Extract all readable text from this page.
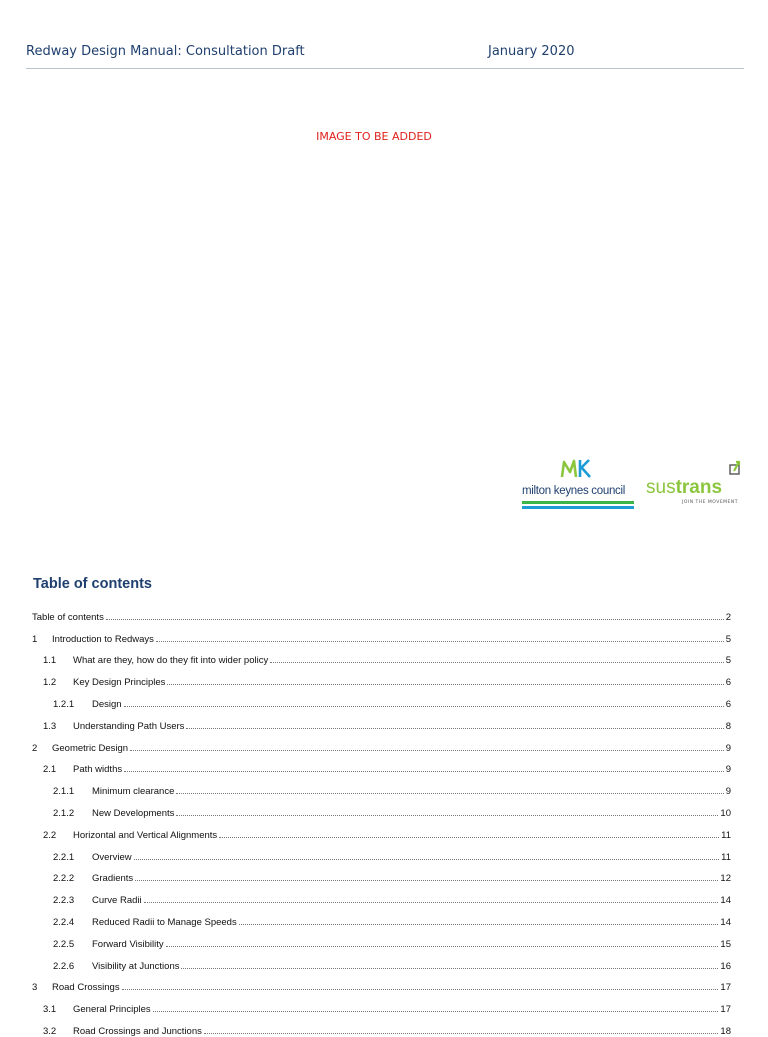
Redway Design Manual: Consultation Draft	January 2020
IMAGE TO BE ADDED
milton keynes council sustrans
JOIN THE MOVEMENT
Table of contents
Table of contents	2
1	Introduction to Redways	5
1.1	What are they, how do they fit into wider policy	5
1.2	Key Design Principles	6
1.2.1	Design	6
1.3	Understanding Path Users	8
2	Geometric Design	9
2.1	Path widths	9
2.1.1	Minimum clearance	9
2.1.2	New Developments	10
2.2	Horizontal and Vertical Alignments	11
2.2.1	Overview	11
2.2.2	Gradients	12
2.2.3	Curve Radii	14
2.2.4	Reduced Radii to Manage Speeds	14
2.2.5	Forward Visibility	15
2.2.6	Visibility at Junctions	16
3	Road Crossings	17
3.1	General Principles	17
3.2	Road Crossings and Junctions	18
